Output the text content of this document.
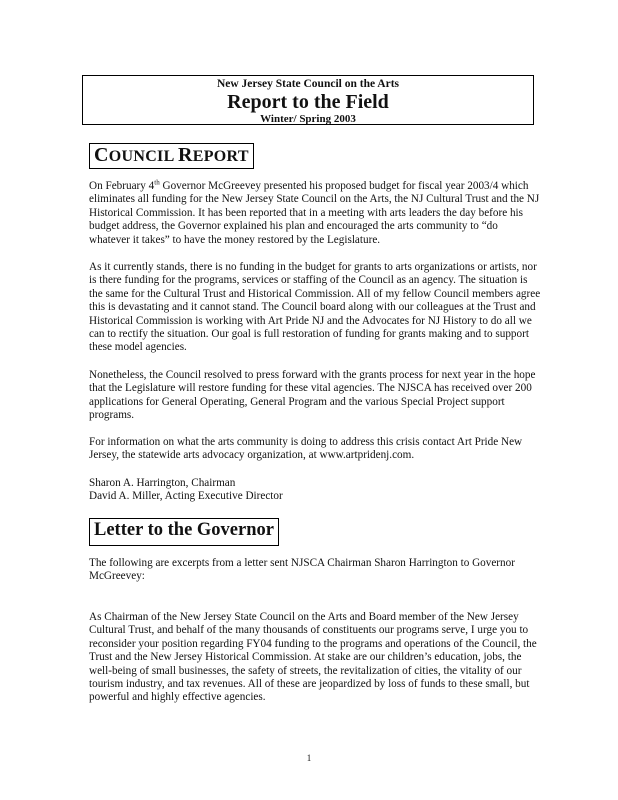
New Jersey State Council on the Arts
Report to the Field
Winter/ Spring 2003
COUNCIL REPORT

On February 4th Governor McGreevey presented his proposed budget for fiscal year 2003/4 which eliminates all funding for the New Jersey State Council on the Arts, the NJ Cultural Trust and the NJ Historical Commission. It has been reported that in a meeting with arts leaders the day before his budget address, the Governor explained his plan and encouraged the arts community to “do whatever it takes” to have the money restored by the Legislature.

As it currently stands, there is no funding in the budget for grants to arts organizations or artists, nor is there funding for the programs, services or staffing of the Council as an agency. The situation is the same for the Cultural Trust and Historical Commission. All of my fellow Council members agree this is devastating and it cannot stand. The Council board along with our colleagues at the Trust and Historical Commission is working with Art Pride NJ and the Advocates for NJ History to do all we can to rectify the situation. Our goal is full restoration of funding for grants making and to support these model agencies.

Nonetheless, the Council resolved to press forward with the grants process for next year in the hope that the Legislature will restore funding for these vital agencies. The NJSCA has received over 200 applications for General Operating, General Program and the various Special Project support programs.

For information on what the arts community is doing to address this crisis contact Art Pride New Jersey, the statewide arts advocacy organization, at www.artpridenj.com.

Sharon A. Harrington, Chairman
David A. Miller, Acting Executive Director
Letter to the Governor

The following are excerpts from a letter sent NJSCA Chairman Sharon Harrington to Governor McGreevey:

As Chairman of the New Jersey State Council on the Arts and Board member of the New Jersey Cultural Trust, and behalf of the many thousands of constituents our programs serve, I urge you to reconsider your position regarding FY04 funding to the programs and operations of the Council, the Trust and the New Jersey Historical Commission. At stake are our children’s education, jobs, the well-being of small businesses, the safety of streets, the revitalization of cities, the vitality of our tourism industry, and tax revenues. All of these are jeopardized by loss of funds to these small, but powerful and highly effective agencies.

1
